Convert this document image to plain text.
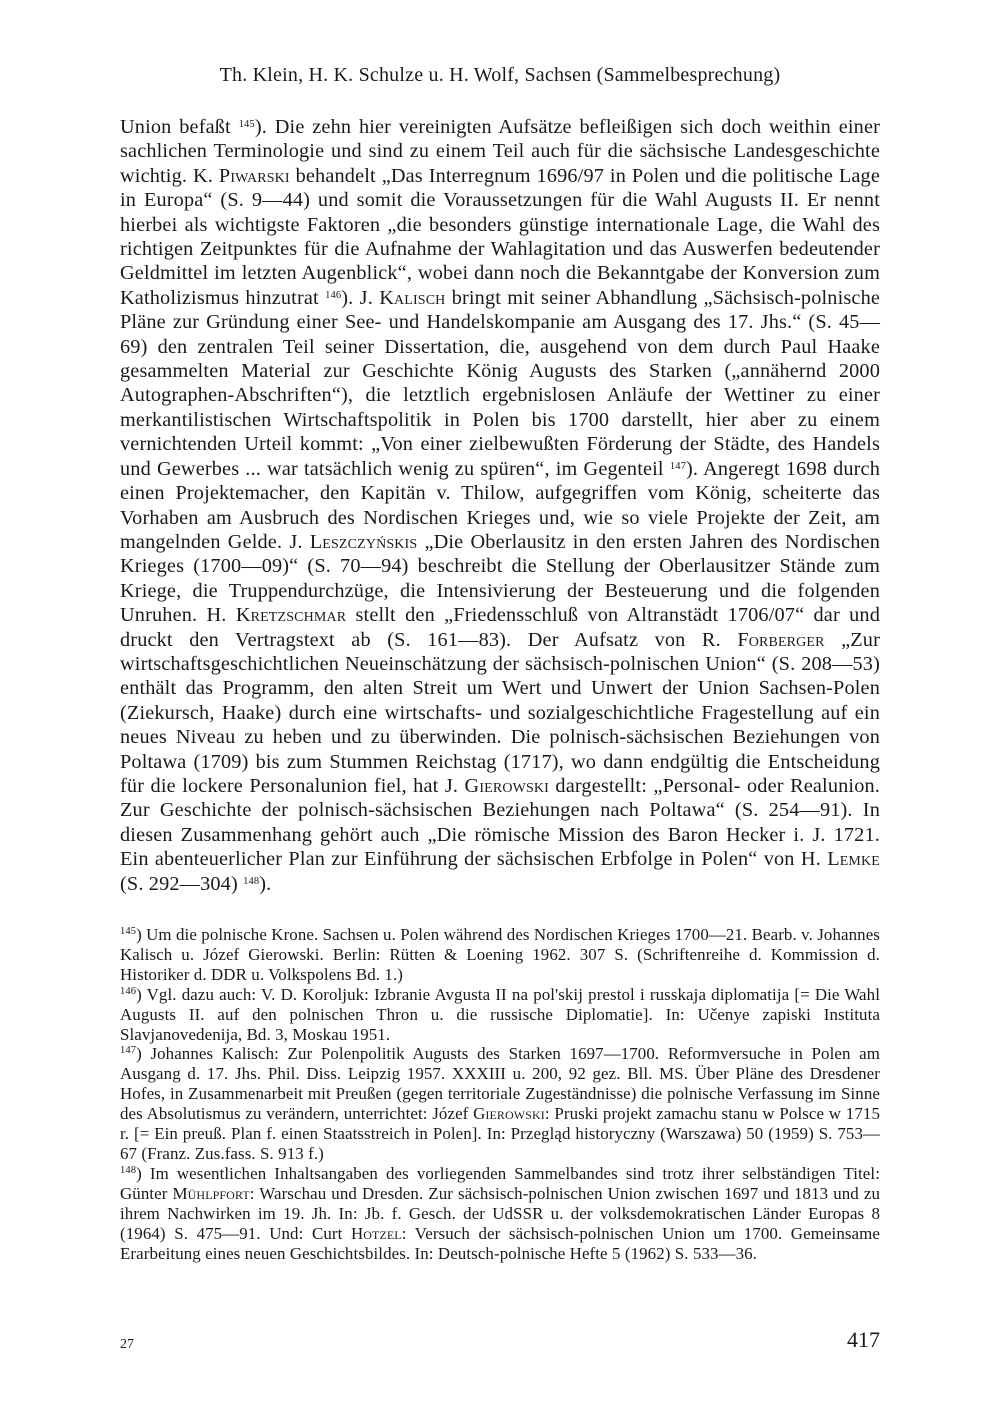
Th. Klein, H. K. Schulze u. H. Wolf, Sachsen (Sammelbesprechung)

Union befaßt $^{145}$). Die zehn hier vereinigten Aufsätze befleißigen sich doch weithin einer sachlichen Terminologie und sind zu einem Teil auch für die sächsische Landesgeschichte wichtig. K. Piwarski behandelt „Das Interregnum 1696/97 in Polen und die politische Lage in Europa“ (S. 9—44) und somit die Voraussetzungen für die Wahl Augusts II. Er nennt hierbei als wichtigste Faktoren „die besonders günstige internationale Lage, die Wahl des richtigen Zeitpunktes für die Aufnahme der Wahlagitation und das Auswerfen bedeutender Geldmittel im letzten Augenblick“, wobei dann noch die Bekanntgabe der Konversion zum Katholizismus hinzutrat $^{146}$). J. Kalisch bringt mit seiner Abhandlung „Sächsisch-polnische Pläne zur Gründung einer See- und Handelskompanie am Ausgang des 17. Jhs.“ (S. 45—69) den zentralen Teil seiner Dissertation, die, ausgehend von dem durch Paul Haake gesammelten Material zur Geschichte König Augusts des Starken („annähernd 2000 Autographen-Abschriften“), die letztlich ergebnislosen Anläufe der Wettiner zu einer merkantilistischen Wirtschaftspolitik in Polen bis 1700 darstellt, hier aber zu einem vernichtenden Urteil kommt: „Von einer zielbewußten Förderung der Städte, des Handels und Gewerbes ... war tatsächlich wenig zu spüren“, im Gegenteil $^{147}$). Angeregt 1698 durch einen Projektemacher, den Kapitän v. Thilow, aufgegriffen vom König, scheiterte das Vorhaben am Ausbruch des Nordischen Krieges und, wie so viele Projekte der Zeit, am mangelnden Gelde. J. Leszczyńskis „Die Oberlausitz in den ersten Jahren des Nordischen Krieges (1700—09)“ (S. 70—94) beschreibt die Stellung der Oberlausitzer Stände zum Kriege, die Truppendurchzüge, die Intensivierung der Besteuerung und die folgenden Unruhen. H. Kretzschmar stellt den „Friedensschluß von Altranstädt 1706/07“ dar und druckt den Vertragstext ab (S. 161—83). Der Aufsatz von R. Forberger „Zur wirtschaftsgeschichtlichen Neueinschätzung der sächsisch-polnischen Union“ (S. 208—53) enthält das Programm, den alten Streit um Wert und Unwert der Union Sachsen-Polen (Ziekursch, Haake) durch eine wirtschafts- und sozialgeschichtliche Fragestellung auf ein neues Niveau zu heben und zu überwinden. Die polnisch-sächsischen Beziehungen von Poltawa (1709) bis zum Stummen Reichstag (1717), wo dann endgültig die Entscheidung für die lockere Personalunion fiel, hat J. Gierowski dargestellt: „Personal- oder Realunion. Zur Geschichte der polnisch-sächsischen Beziehungen nach Poltawa“ (S. 254—91). In diesen Zusammenhang gehört auch „Die römische Mission des Baron Hecker i. J. 1721. Ein abenteuerlicher Plan zur Einführung der sächsischen Erbfolge in Polen“ von H. Lemke (S. 292—304) $^{148}$).

$^{145}$) Um die polnische Krone. Sachsen u. Polen während des Nordischen Krieges 1700—21. Bearb. v. Johannes Kalisch u. Józef Gierowski. Berlin: Rütten & Loening 1962. 307 S. (Schriftenreihe d. Kommission d. Historiker d. DDR u. Volkspolens Bd. 1.)

$^{146}$) Vgl. dazu auch: V. D. Koroljuk: Izbranie Avgusta II na pol'skij prestol i russkaja diplomatija [= Die Wahl Augusts II. auf den polnischen Thron u. die russische Diplomatie]. In: Učenye zapiski Instituta Slavjanovedenija, Bd. 3, Moskau 1951.

$^{147}$) Johannes Kalisch: Zur Polenpolitik Augusts des Starken 1697—1700. Reformversuche in Polen am Ausgang d. 17. Jhs. Phil. Diss. Leipzig 1957. XXXIII u. 200, 92 gez. Bll. MS. Über Pläne des Dresdener Hofes, in Zusammenarbeit mit Preußen (gegen territoriale Zugeständnisse) die polnische Verfassung im Sinne des Absolutismus zu verändern, unterrichtet: Józef Gierowski: Pruski projekt zamachu stanu w Polsce w 1715 r. [= Ein preuß. Plan f. einen Staatsstreich in Polen]. In: Przegląd historyczny (Warszawa) 50 (1959) S. 753—67 (Franz. Zus.fass. S. 913 f.)

$^{148}$) Im wesentlichen Inhaltsangaben des vorliegenden Sammelbandes sind trotz ihrer selbständigen Titel: Günter Mühlpfort: Warschau und Dresden. Zur sächsisch-polnischen Union zwischen 1697 und 1813 und zu ihrem Nachwirken im 19. Jh. In: Jb. f. Gesch. der UdSSR u. der volksdemokratischen Länder Europas 8 (1964) S. 475—91. Und: Curt Hotzel: Versuch der sächsisch-polnischen Union um 1700. Gemeinsame Erarbeitung eines neuen Geschichtsbildes. In: Deutsch-polnische Hefte 5 (1962) S. 533—36.

27	417
